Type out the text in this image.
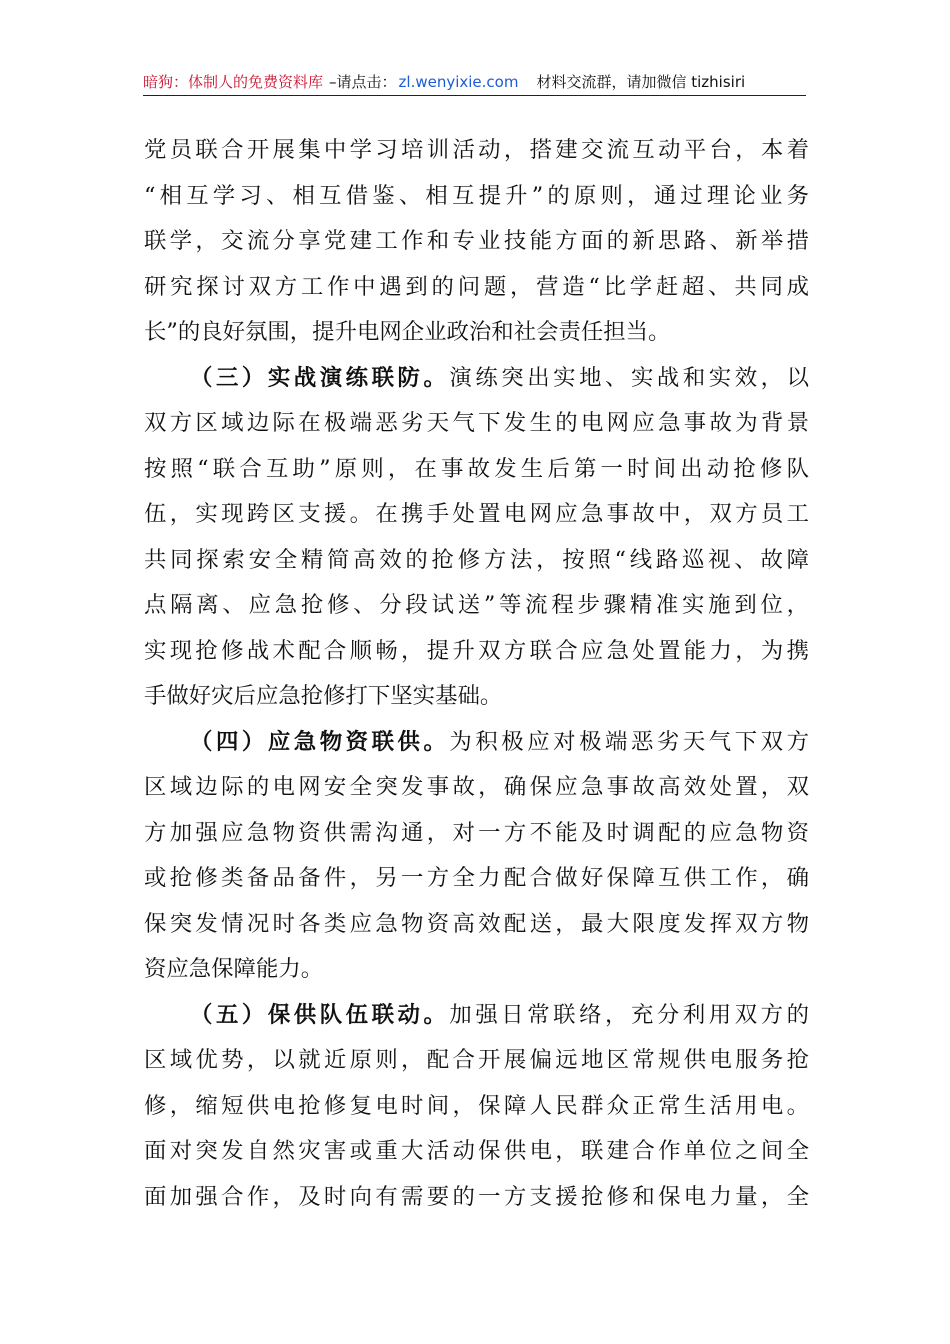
暗狗：体制人的免费资料库 –请点击： zl.wenyixie.com 材料交流群，请加微信 tizhisiri
党员联合开展集中学习培训活动，搭建交流互动平台，本着
“相互学习、相互借鉴、相互提升”的原则，通过理论业务
联学，交流分享党建工作和专业技能方面的新思路、新举措
研究探讨双方工作中遇到的问题，营造“比学赶超、共同成
长”的良好氛围，提升电网企业政治和社会责任担当。
（三）实战演练联防。演练突出实地、实战和实效，以
双方区域边际在极端恶劣天气下发生的电网应急事故为背景
按照“联合互助”原则，在事故发生后第一时间出动抢修队
伍，实现跨区支援。在携手处置电网应急事故中，双方员工
共同探索安全精简高效的抢修方法，按照“线路巡视、故障
点隔离、应急抢修、分段试送”等流程步骤精准实施到位，
实现抢修战术配合顺畅，提升双方联合应急处置能力，为携
手做好灾后应急抢修打下坚实基础。
（四）应急物资联供。为积极应对极端恶劣天气下双方
区域边际的电网安全突发事故，确保应急事故高效处置，双
方加强应急物资供需沟通，对一方不能及时调配的应急物资
或抢修类备品备件，另一方全力配合做好保障互供工作，确
保突发情况时各类应急物资高效配送，最大限度发挥双方物
资应急保障能力。
（五）保供队伍联动。加强日常联络，充分利用双方的
区域优势，以就近原则，配合开展偏远地区常规供电服务抢
修，缩短供电抢修复电时间，保障人民群众正常生活用电。
面对突发自然灾害或重大活动保供电，联建合作单位之间全
面加强合作，及时向有需要的一方支援抢修和保电力量，全
